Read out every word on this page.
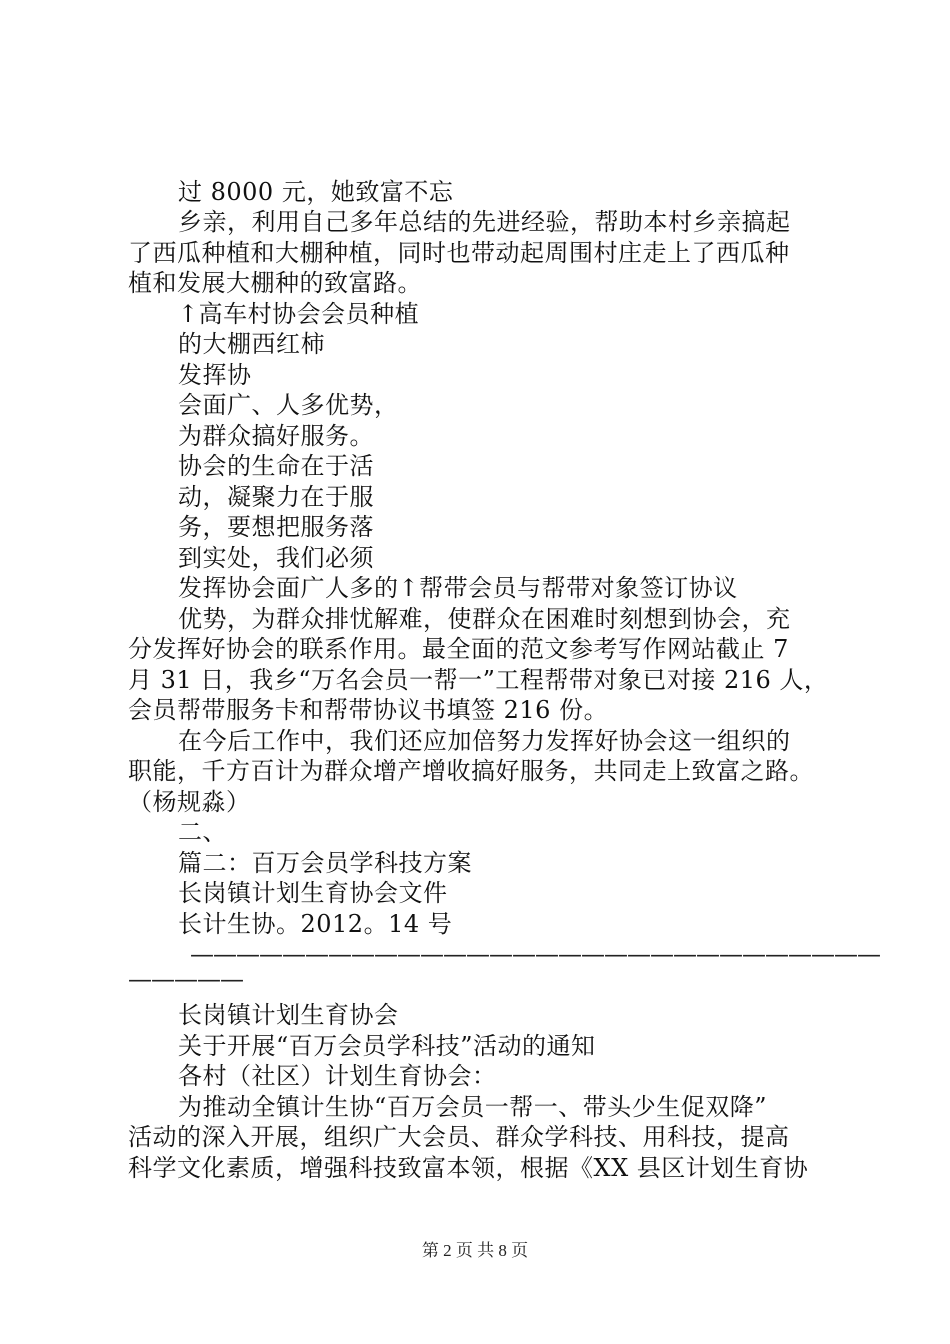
过 8000 元，她致富不忘
乡亲，利用自己多年总结的先进经验，帮助本村乡亲搞起
了西瓜种植和大棚种植，同时也带动起周围村庄走上了西瓜种
植和发展大棚种的致富路。
↑高车村协会会员种植
的大棚西红柿
发挥协
会面广、人多优势，
为群众搞好服务。
协会的生命在于活
动，凝聚力在于服
务，要想把服务落
到实处，我们必须
发挥协会面广人多的↑帮带会员与帮带对象签订协议
优势，为群众排忧解难，使群众在困难时刻想到协会，充
分发挥好协会的联系作用。最全面的范文参考写作网站截止 7
月 31 日，我乡“万名会员一帮一”工程帮带对象已对接 216 人，
会员帮带服务卡和帮带协议书填签 216 份。
在今后工作中，我们还应加倍努力发挥好协会这一组织的
职能，千方百计为群众增产增收搞好服务，共同走上致富之路。
（杨规淼）
二、
篇二：百万会员学科技方案
长岗镇计划生育协会文件
长计生协。2012。14 号
——————————————————————————————
—————
长岗镇计划生育协会
关于开展“百万会员学科技”活动的通知
各村（社区）计划生育协会：
为推动全镇计生协“百万会员一帮一、带头少生促双降”
活动的深入开展，组织广大会员、群众学科技、用科技，提高
科学文化素质，增强科技致富本领，根据《XX 县区计划生育协
第 2 页 共 8 页
